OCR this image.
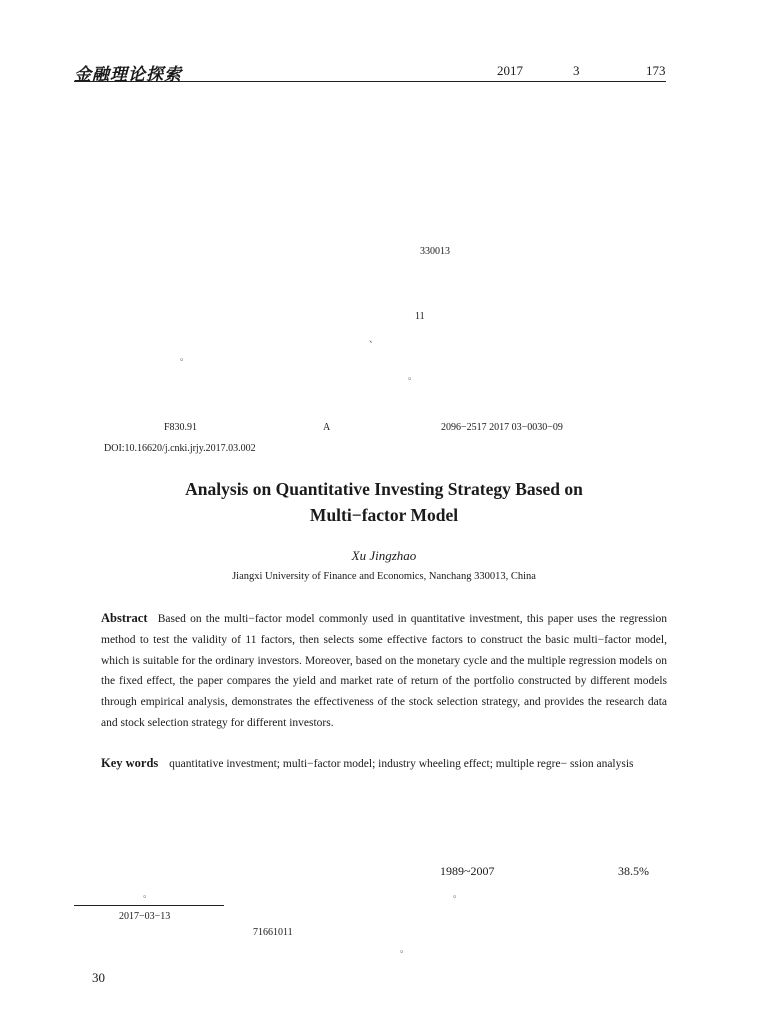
金融理论探索	2017	3	173
330013
11
、
。
。
F830.91	A	2096−2517 2017 03−0030−09
DOI:10.16620/j.cnki.jrjy.2017.03.002
Analysis on Quantitative Investing Strategy Based on
Multi−factor Model
Xu Jingzhao
Jiangxi University of Finance and Economics, Nanchang 330013, China
Abstract Based on the multi−factor model commonly used in quantitative investment, this paper uses the regression method to test the validity of 11 factors, then selects some effective factors to construct the basic multi−factor model, which is suitable for the ordinary investors. Moreover, based on the monetary cycle and the multiple regression models on the fixed effect, the paper compares the yield and market rate of return of the portfolio constructed by different models through empirical analysis, demonstrates the effectiveness of the stock selection strategy, and provides the research data and stock selection strategy for different investors.
Key words quantitative investment; multi−factor model; industry wheeling effect; multiple regre− ssion analysis
1989~2007	38.5%
。	。
2017−03−13
71661011
。
30
